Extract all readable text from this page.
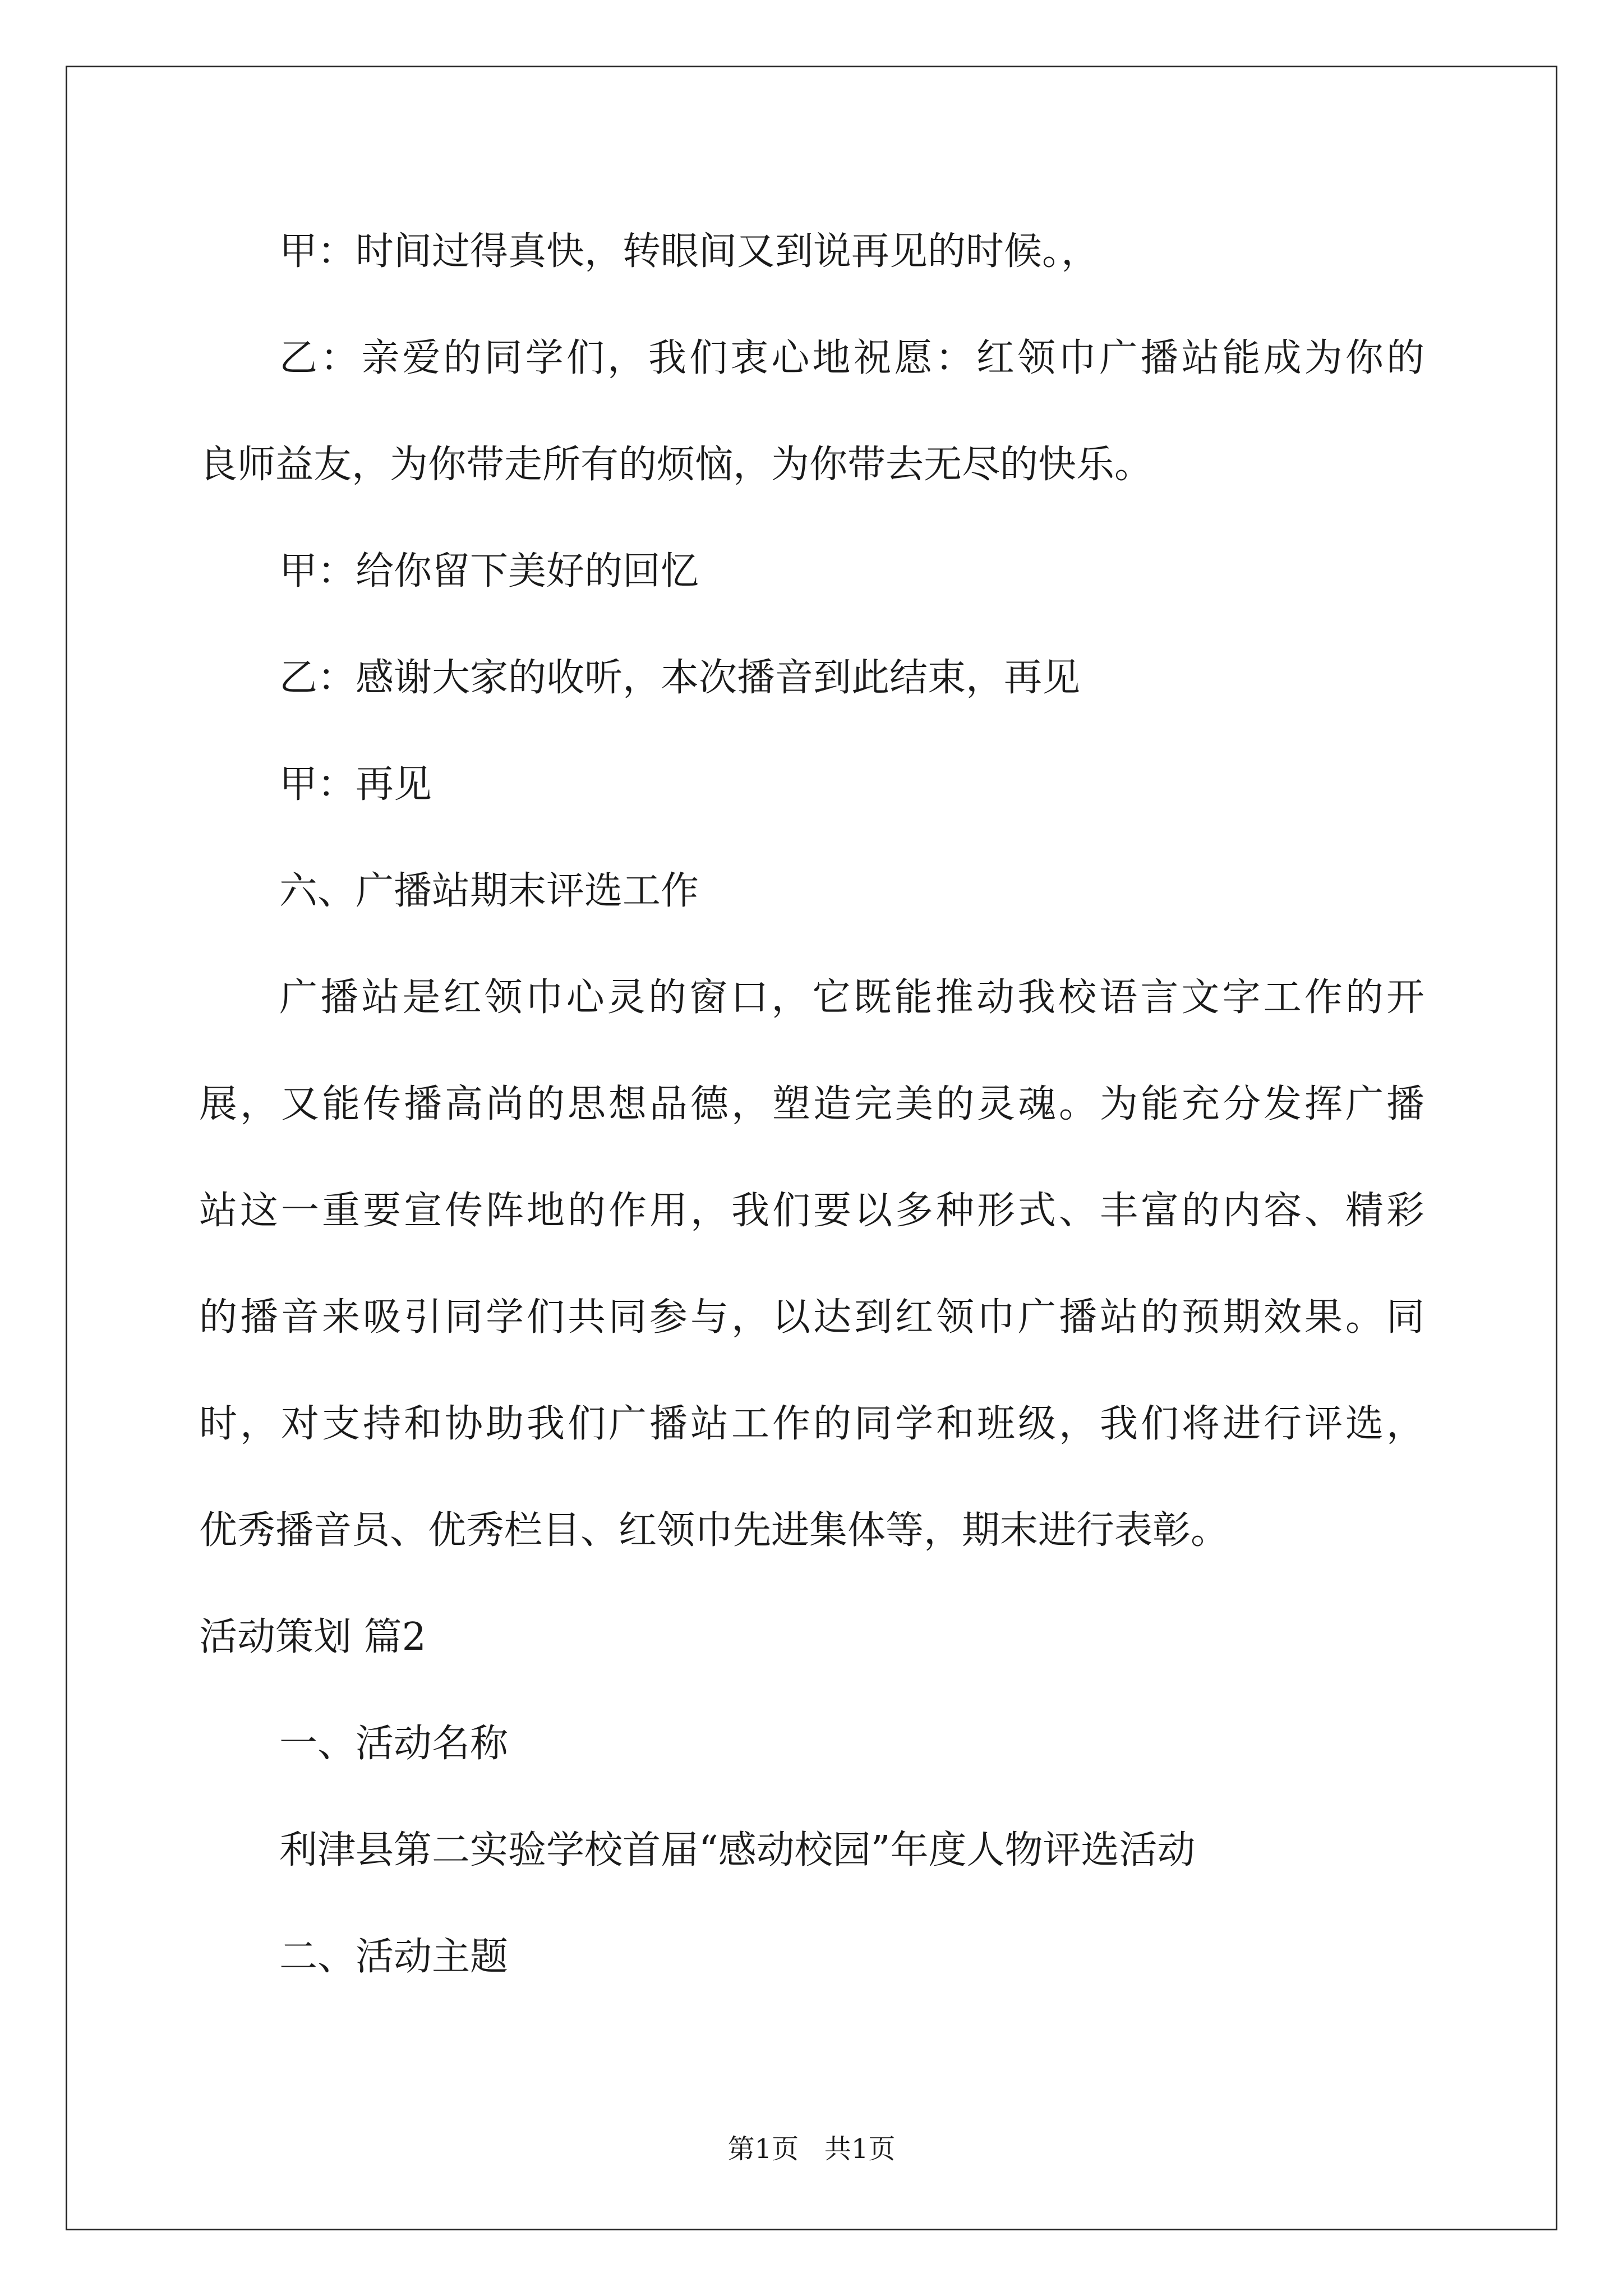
甲：时间过得真快，转眼间又到说再见的时候。，
乙：亲爱的同学们，我们衷心地祝愿：红领巾广播站能成为你的
良师益友，为你带走所有的烦恼，为你带去无尽的快乐。
甲：给你留下美好的回忆
乙：感谢大家的收听，本次播音到此结束，再见
甲：再见
六、广播站期末评选工作
广播站是红领巾心灵的窗口，它既能推动我校语言文字工作的开
展，又能传播高尚的思想品德，塑造完美的灵魂。为能充分发挥广播
站这一重要宣传阵地的作用，我们要以多种形式、丰富的内容、精彩
的播音来吸引同学们共同参与，以达到红领巾广播站的预期效果。同
时，对支持和协助我们广播站工作的同学和班级，我们将进行评选，
优秀播音员、优秀栏目、红领巾先进集体等，期末进行表彰。
活动策划 篇2
一、活动名称
利津县第二实验学校首届“感动校园”年度人物评选活动
二、活动主题
第1页   共1页
